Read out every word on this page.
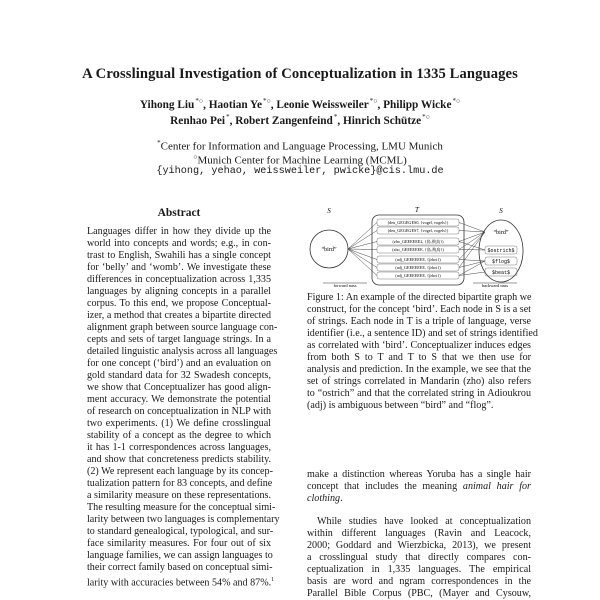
A Crosslingual Investigation of Conceptualization in 1335 Languages
Yihong Liu*○, Haotian Ye*○, Leonie Weissweiler*○, Philipp Wicke*○
Renhao Pei*, Robert Zangenfeind*, Hinrich Schütze*○
*Center for Information and Language Processing, LMU Munich
○Munich Center for Machine Learning (MCML)
{yihong, yehao, weissweiler, pwicke}@cis.lmu.de
Abstract
Languages differ in how they divide up the
world into concepts and words; e.g., in con-
trast to English, Swahili has a single concept
for ‘belly’ and ‘womb’. We investigate these
differences in conceptualization across 1,335
languages by aligning concepts in a parallel
corpus. To this end, we propose Conceptual-
izer, a method that creates a bipartite directed
alignment graph between source language con-
cepts and sets of target language strings. In a
detailed linguistic analysis across all languages
for one concept (‘bird’) and an evaluation on
gold standard data for 32 Swadesh concepts,
we show that Conceptualizer has good align-
ment accuracy. We demonstrate the potential
of research on conceptualization in NLP with
two experiments. (1) We define crosslingual
stability of a concept as the degree to which
it has 1-1 correspondences across languages,
and show that concreteness predicts stability.
(2) We represent each language by its concep-
tualization pattern for 83 concepts, and define
a similarity measure on these representations.
The resulting measure for the conceptual simi-
larity between two languages is complementary
to standard genealogical, typological, and sur-
face similarity measures. For four out of six
language families, we can assign languages to
their correct family based on conceptual simi-
larity with accuracies between 54% and 87%.$^1$
S
“bird”
T
(deu_GEGEGES0, {vogel, vogels})
(deu_GEGEGES7, {vogel, vogels})
(zho_GEEEEEE2, {鳥,飛鳥})
(zho_GEEEEEEE, {鳥,飛鳥})
(adj_GEEEEEEE, {ʃɛbɛt})
(adj_GEEEEEEE, {ʃɛbɛt})
(adj_GEEEEEEE, {ʃɛbɛt})
S
“bird”
$ostrich$
$flog$
$beat$
forward pass	backward pass
Figure 1: An example of the directed bipartite graph we
construct, for the concept ‘bird’. Each node in S is a set
of strings. Each node in T is a triple of language, verse
identifier (i.e., a sentence ID) and set of strings identified
as correlated with ‘bird’. Conceptualizer induces edges
from both S to T and T to S that we then use for
analysis and prediction. In the example, we see that the
set of strings correlated in Mandarin (zho) also refers
to “ostrich” and that the correlated string in Adioukrou
(adj) is ambiguous between “bird” and “flog”.
make a distinction whereas Yoruba has a single hair
concept that includes the meaning animal hair for
clothing.
While studies have looked at conceptualization
within different languages (Ravin and Leacock,
2000; Goddard and Wierzbicka, 2013), we present
a crosslingual study that directly compares con-
ceptualization in 1,335 languages. The empirical
basis are word and ngram correspondences in the
Parallel Bible Corpus (PBC, (Mayer and Cysouw,
